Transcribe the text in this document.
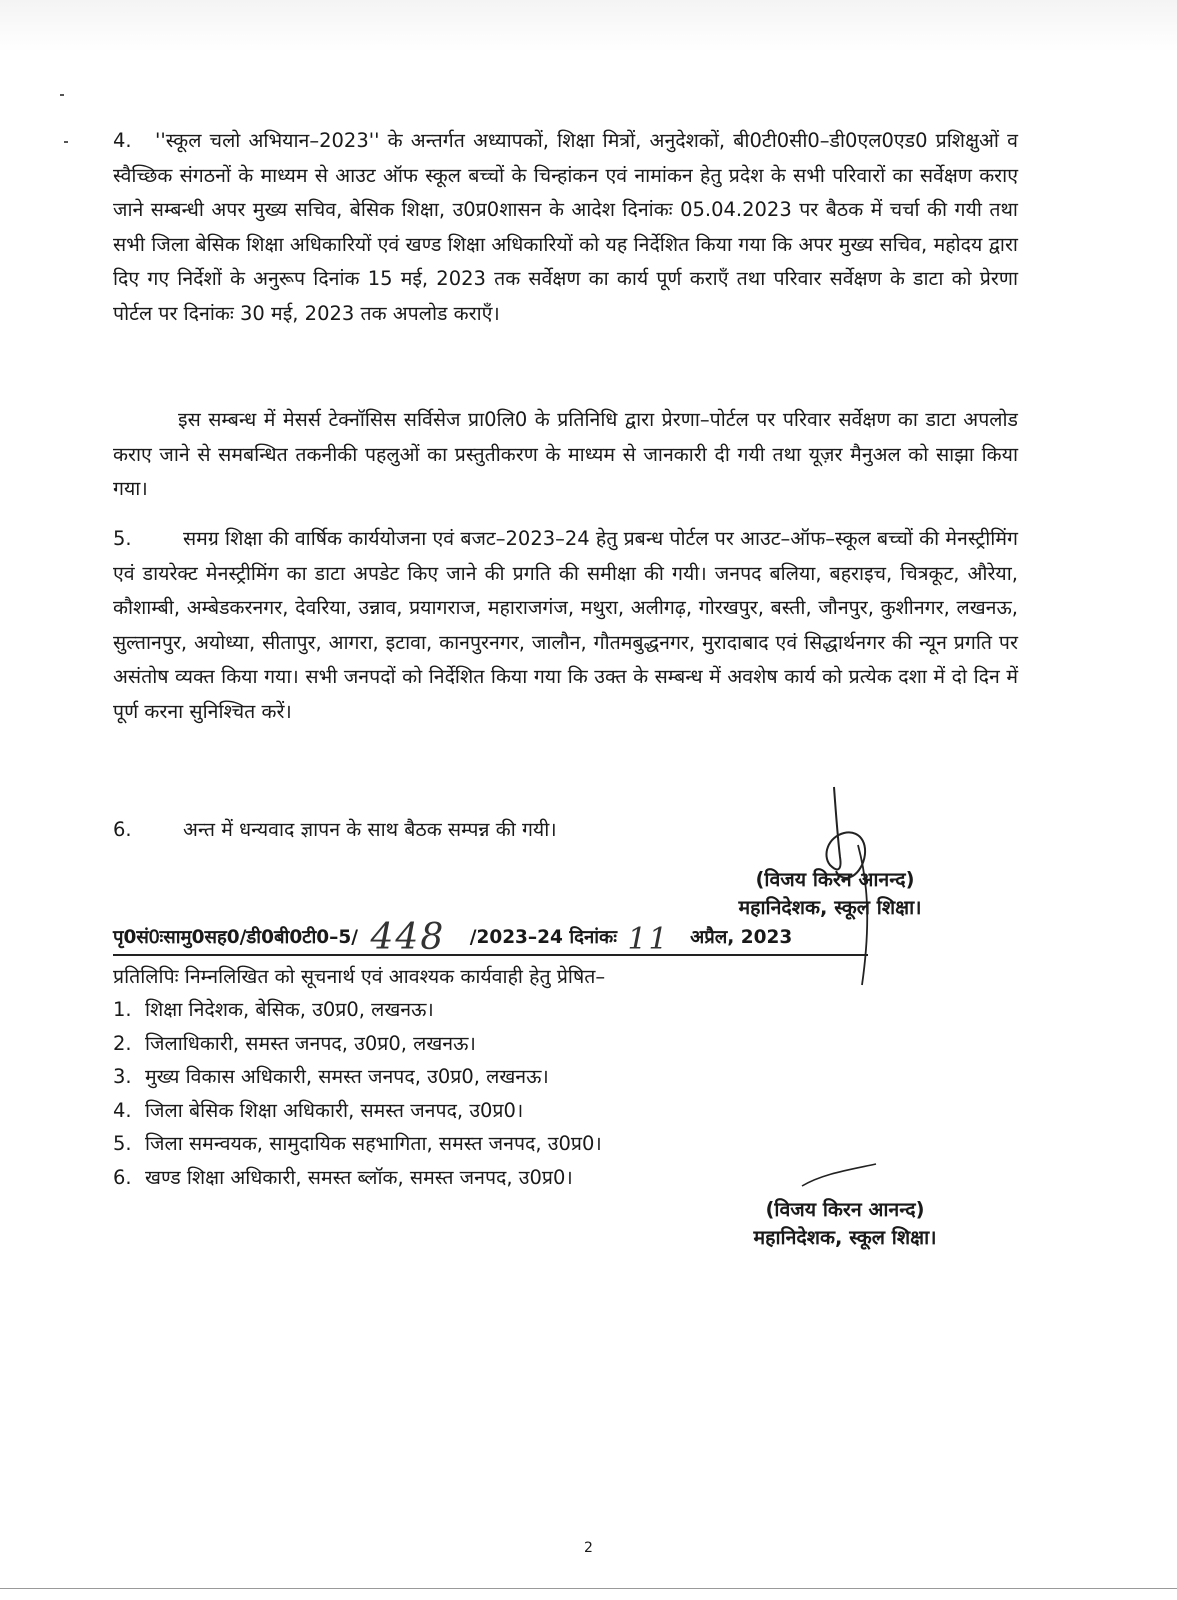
4. ''स्कूल चलो अभियान–2023'' के अन्तर्गत अध्यापकों, शिक्षा मित्रों, अनुदेशकों, बी0टी0सी0–डी0एल0एड0 प्रशिक्षुओं व स्वैच्छिक संगठनों के माध्यम से आउट ऑफ स्कूल बच्चों के चिन्हांकन एवं नामांकन हेतु प्रदेश के सभी परिवारों का सर्वेक्षण कराए जाने सम्बन्धी अपर मुख्य सचिव, बेसिक शिक्षा, उ0प्र0शासन के आदेश दिनांकः 05.04.2023 पर बैठक में चर्चा की गयी तथा सभी जिला बेसिक शिक्षा अधिकारियों एवं खण्ड शिक्षा अधिकारियों को यह निर्देशित किया गया कि अपर मुख्य सचिव, महोदय द्वारा दिए गए निर्देशों के अनुरूप दिनांक 15 मई, 2023 तक सर्वेक्षण का कार्य पूर्ण कराएँ तथा परिवार सर्वेक्षण के डाटा को प्रेरणा पोर्टल पर दिनांकः 30 मई, 2023 तक अपलोड कराएँ।

इस सम्बन्ध में मेसर्स टेक्नॉसिस सर्विसेज प्रा0लि0 के प्रतिनिधि द्वारा प्रेरणा–पोर्टल पर परिवार सर्वेक्षण का डाटा अपलोड कराए जाने से समबन्धित तकनीकी पहलुओं का प्रस्तुतीकरण के माध्यम से जानकारी दी गयी तथा यूज़र मैनुअल को साझा किया गया।

5.	समग्र शिक्षा की वार्षिक कार्ययोजना एवं बजट–2023–24 हेतु प्रबन्ध पोर्टल पर आउट–ऑफ–स्कूल बच्चों की मेनस्ट्रीमिंग एवं डायरेक्ट मेनस्ट्रीमिंग का डाटा अपडेट किए जाने की प्रगति की समीक्षा की गयी। जनपद बलिया, बहराइच, चित्रकूट, औरेया, कौशाम्बी, अम्बेडकरनगर, देवरिया, उन्नाव, प्रयागराज, महाराजगंज, मथुरा, अलीगढ़, गोरखपुर, बस्ती, जौनपुर, कुशीनगर, लखनऊ, सुल्तानपुर, अयोध्या, सीतापुर, आगरा, इटावा, कानपुरनगर, जालौन, गौतमबुद्धनगर, मुरादाबाद एवं सिद्धार्थनगर की न्यून प्रगति पर असंतोष व्यक्त किया गया। सभी जनपदों को निर्देशित किया गया कि उक्त के सम्बन्ध में अवशेष कार्य को प्रत्येक दशा में दो दिन में पूर्ण करना सुनिश्चित करें।

6.	अन्त में धन्यवाद ज्ञापन के साथ बैठक सम्पन्न की गयी।

(विजय किरन आनन्द)
महानिदेशक, स्कूल शिक्षा।
पृ0सं0ःसामु0सह0/डी0बी0टी0–5/ 448 /2023–24 दिनांकः 11 अप्रैल, 2023
प्रतिलिपिः निम्नलिखित को सूचनार्थ एवं आवश्यक कार्यवाही हेतु प्रेषित–
1. शिक्षा निदेशक, बेसिक, उ0प्र0, लखनऊ।
2. जिलाधिकारी, समस्त जनपद, उ0प्र0, लखनऊ।
3. मुख्य विकास अधिकारी, समस्त जनपद, उ0प्र0, लखनऊ।
4. जिला बेसिक शिक्षा अधिकारी, समस्त जनपद, उ0प्र0।
5. जिला समन्वयक, सामुदायिक सहभागिता, समस्त जनपद, उ0प्र0।
6. खण्ड शिक्षा अधिकारी, समस्त ब्लॉक, समस्त जनपद, उ0प्र0।
(विजय किरन आनन्द)
महानिदेशक, स्कूल शिक्षा।
2
